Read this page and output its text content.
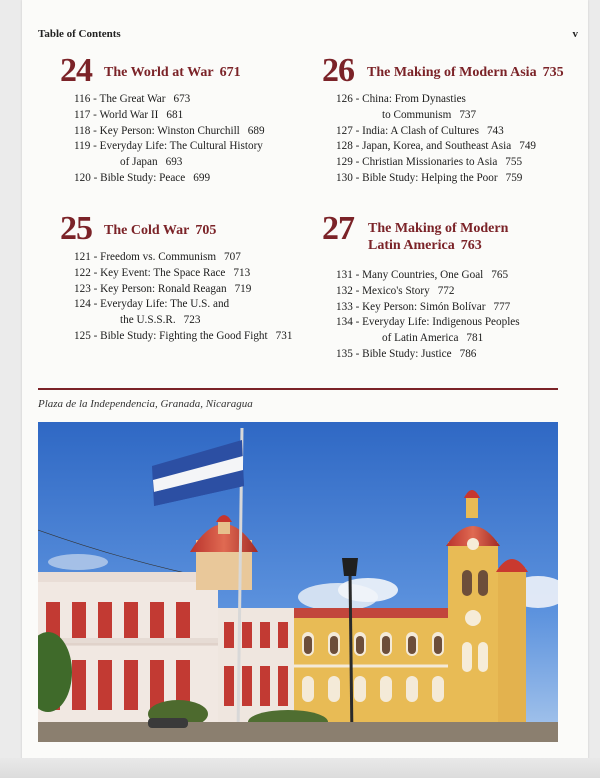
Table of Contents	v
24 The World at War 671
116 - The Great War 673
117 - World War II 681
118 - Key Person: Winston Churchill 689
119 - Everyday Life: The Cultural History
of Japan 693
120 - Bible Study: Peace 699
26 The Making of Modern Asia 735
126 - China: From Dynasties
to Communism 737
127 - India: A Clash of Cultures 743
128 - Japan, Korea, and Southeast Asia 749
129 - Christian Missionaries to Asia 755
130 - Bible Study: Helping the Poor 759
25 The Cold War 705
121 - Freedom vs. Communism 707
122 - Key Event: The Space Race 713
123 - Key Person: Ronald Reagan 719
124 - Everyday Life: The U.S. and
the U.S.S.R. 723
125 - Bible Study: Fighting the Good Fight 731
27 The Making of Modern
Latin America 763
131 - Many Countries, One Goal 765
132 - Mexico's Story 772
133 - Key Person: Simón Bolívar 777
134 - Everyday Life: Indigenous Peoples
of Latin America 781
135 - Bible Study: Justice 786
Plaza de la Independencia, Granada, Nicaragua
